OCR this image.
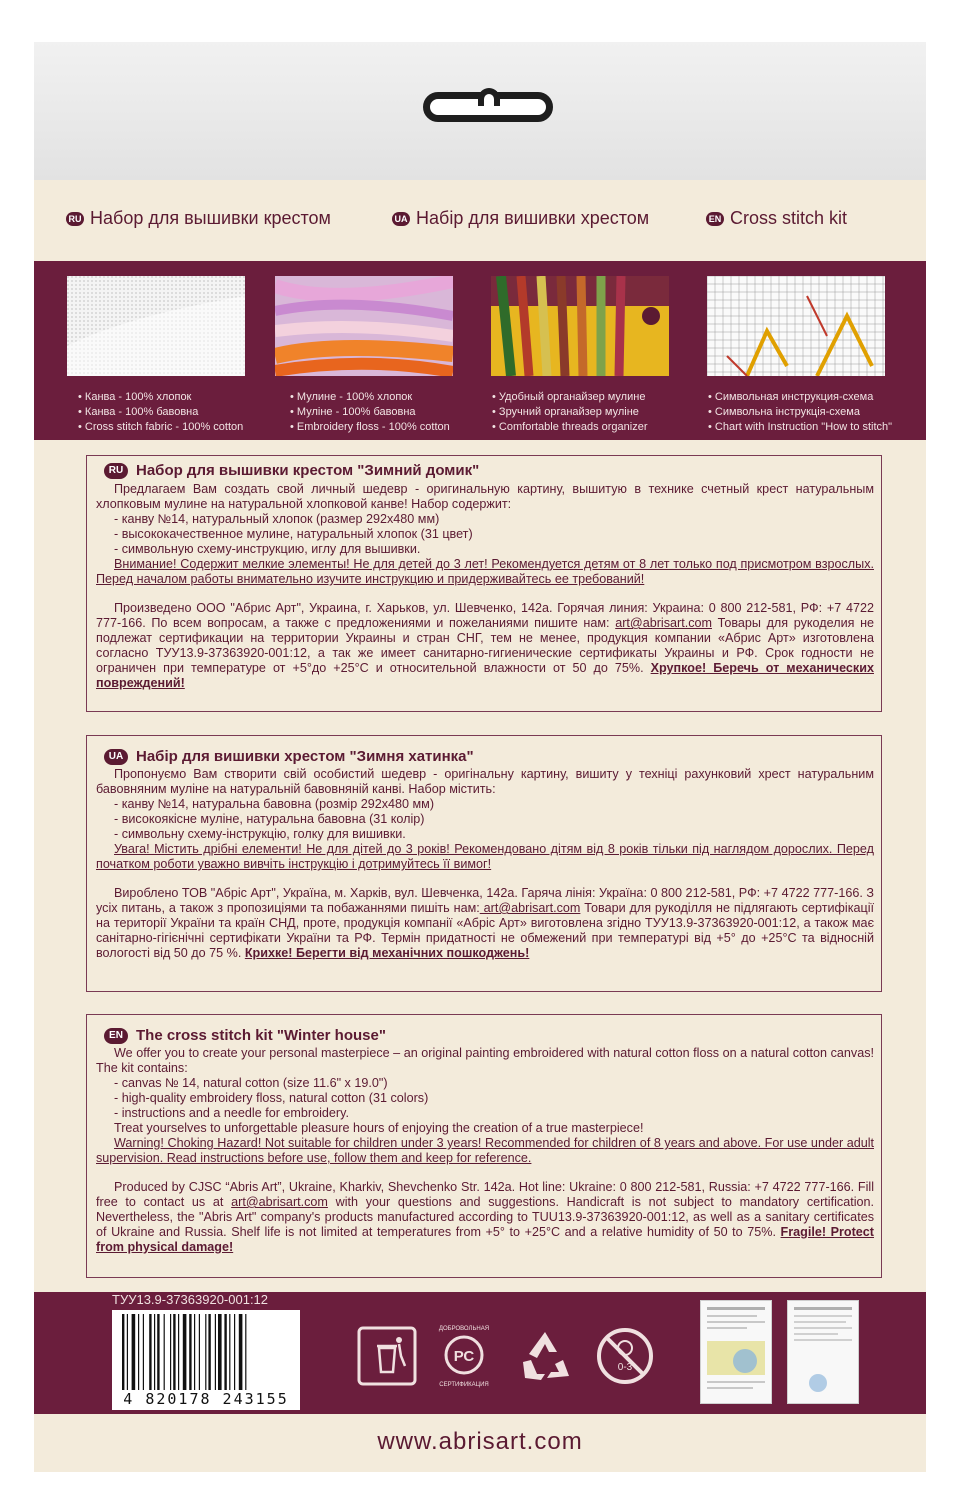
RU Набор для вышивки крестом	UA Набір для вишивки хрестом	EN Cross stitch kit
• Канва - 100% хлопок
• Канва - 100% бавовна
• Cross stitch fabric - 100% cotton
• Мулине - 100% хлопок
• Муліне - 100% бавовна
• Embroidery floss - 100% cotton
• Удобный органайзер мулине
• Зручний органайзер муліне
• Comfortable threads organizer
• Символьная инструкция-схема
• Символьна інструкція-схема
• Chart with Instruction "How to stitch"
RU Набор для вышивки крестом "Зимний домик"

Предлагаем Вам создать свой личный шедевр - оригинальную картину, вышитую в технике счетный крест натуральным хлопковым мулине на натуральной хлопковой канве! Набор содержит:

- канву №14, натуральный хлопок (размер 292x480 мм)

- высококачественное мулине, натуральный хлопок (31 цвет)

- символьную схему-инструкцию, иглу для вышивки.

Внимание! Содержит мелкие элементы! Не для детей до 3 лет! Рекомендуется детям от 8 лет только под присмотром взрослых. Перед началом работы внимательно изучите инструкцию и придерживайтесь ее требований!

Произведено ООО "Абрис Арт", Украина, г. Харьков, ул. Шевченко, 142а. Горячая линия: Украина: 0 800 212-581, РФ: +7 4722 777-166. По всем вопросам, а также с предложениями и пожеланиями пишите нам: art@abrisart.com Товары для рукоделия не подлежат сертификации на территории Украины и стран СНГ, тем не менее, продукция компании «Абрис Арт» изготовлена согласно ТУУ13.9-37363920-001:12, а так же имеет санитарно-гигиенические сертификаты Украины и РФ. Срок годности не ограничен при температуре от +5°до +25°С и относительной влажности от 50 до 75%. Хрупкое! Беречь от механических повреждений!

UA Набір для вишивки хрестом "Зимня хатинка"

Пропонуємо Вам створити свій особистий шедевр - оригінальну картину, вишиту у техніці рахунковий хрест натуральним бавовняним муліне на натуральній бавовняній канві. Набор містить:

- канву №14, натуральна бавовна (розмір 292x480 мм)

- високоякісне муліне, натуральна бавовна (31 колір)

- символьну схему-інструкцію, голку для вишивки.

Увага! Містить дрібні елементи! Не для дітей до 3 років! Рекомендовано дітям від 8 років тільки під наглядом дорослих. Перед початком роботи уважно вивчіть інструкцію і дотримуйтесь її вимог!

Вироблено ТОВ "Абріс Арт", Україна, м. Харків, вул. Шевченка, 142а. Гаряча лінія: Україна: 0 800 212-581, РФ: +7 4722 777-166. З усіх питань, а також з пропозиціями та побажаннями пишіть нам: art@abrisart.com Товари для рукоділля не підлягають сертифікації на території України та країн СНД, проте, продукція компанії «Абріс Арт» виготовлена згідно ТУУ13.9-37363920-001:12, а також має санітарно-гігієнічні сертифікати України та РФ. Термін придатності не обмежений при температурі від +5° до +25°С та відносній вологості від 50 до 75 %. Крихке! Берегти від механічних пошкоджень!

EN The cross stitch kit "Winter house"

We offer you to create your personal masterpiece – an original painting embroidered with natural cotton floss on a natural cotton canvas! The kit contains:

- canvas № 14, natural cotton (size 11.6" x 19.0")

- high-quality embroidery floss, natural cotton (31 colors)

- instructions and a needle for embroidery.

Treat yourselves to unforgettable pleasure hours of enjoying the creation of a true masterpiece!

Warning! Choking Hazard! Not suitable for children under 3 years! Recommended for children of 8 years and above. For use under adult supervision. Read instructions before use, follow them and keep for reference.

Produced by CJSC “Abris Art”, Ukraine, Kharkiv, Shevchenko Str. 142a. Hot line: Ukraine: 0 800 212-581, Russia: +7 4722 777-166. Fill free to contact us at art@abrisart.com with your questions and suggestions. Handicraft is not subject to mandatory certification. Nevertheless, the "Abris Art" company's products manufactured according to TUU13.9-37363920-001:12, as well as a sanitary certificates of Ukraine and Russia. Shelf life is not limited at temperatures from +5° to +25°C and a relative humidity of 50 to 75%. Fragile! Protect from physical damage!

ТУУ13.9-37363920-001:12
4 820178 243155
РС
ДОБРОВОЛЬНАЯ
СЕРТИФИКАЦИЯ
0-3
www.abrisart.com
